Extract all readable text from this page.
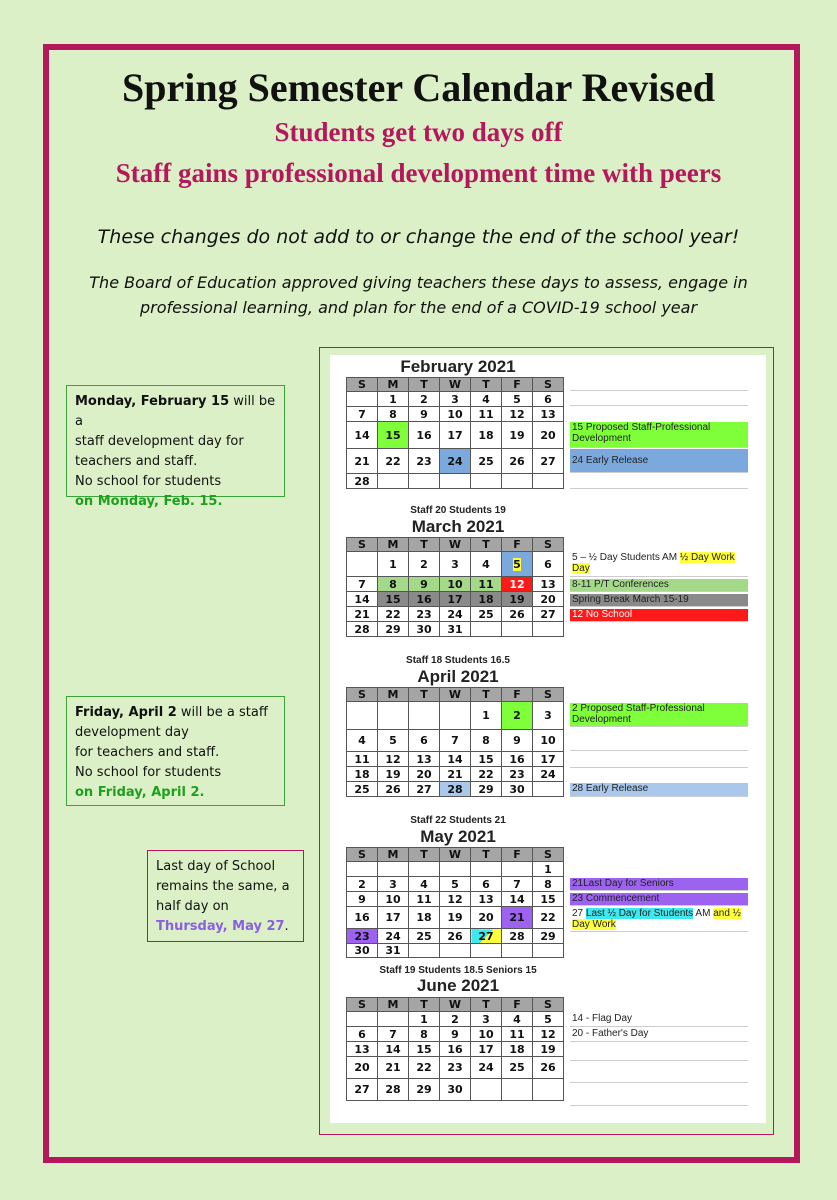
Spring Semester Calendar Revised
Students get two days off
Staff gains professional development time with peers
These changes do not add to or change the end of the school year!
The Board of Education approved giving teachers these days to assess, engage in
professional learning, and plan for the end of a COVID-19 school year
Monday, February 15 will be a
staff development day for
teachers and staff.
No school for students
on Monday, Feb. 15.
Friday, April 2 will be a staff
development day
for teachers and staff.
No school for students
on Friday, April 2.
Last day of School
remains the same, a
half day on
Thursday, May 27.
February 2021
March 2021
April 2021
May 2021
June 2021
Staff 20 Students 19
Staff 18 Students 16.5
Staff 22 Students 21
Staff 19 Students 18.5 Seniors 15
S	M	T	W	T	F	S
	1	2	3	4	5	6
7	8	9	10	11	12	13
14	15	16	17	18	19	20
21	22	23	24	25	26	27
28						
S	M	T	W	T	F	S
	1	2	3	4	5	6
7	8	9	10	11	12	13
14	15	16	17	18	19	20
21	22	23	24	25	26	27
28	29	30	31			
S	M	T	W	T	F	S
				1	2	3
4	5	6	7	8	9	10
11	12	13	14	15	16	17
18	19	20	21	22	23	24
25	26	27	28	29	30	
S	M	T	W	T	F	S
						1
2	3	4	5	6	7	8
9	10	11	12	13	14	15
16	17	18	19	20	21	22
23	24	25	26	27	28	29
30	31					
S	M	T	W	T	F	S
		1	2	3	4	5
6	7	8	9	10	11	12
13	14	15	16	17	18	19
20	21	22	23	24	25	26
27	28	29	30			
15 Proposed Staff-Professional Development
24 Early Release
5 – ½ Day Students AM ½ Day Work Day
8-11 P/T Conferences
Spring Break March 15-19
12 No School
2 Proposed Staff-Professional Development
28 Early Release
21Last Day for Seniors
23 Commencement
27 Last ½ Day for Students AM and ½ Day Work
14 - Flag Day
20 - Father's Day
